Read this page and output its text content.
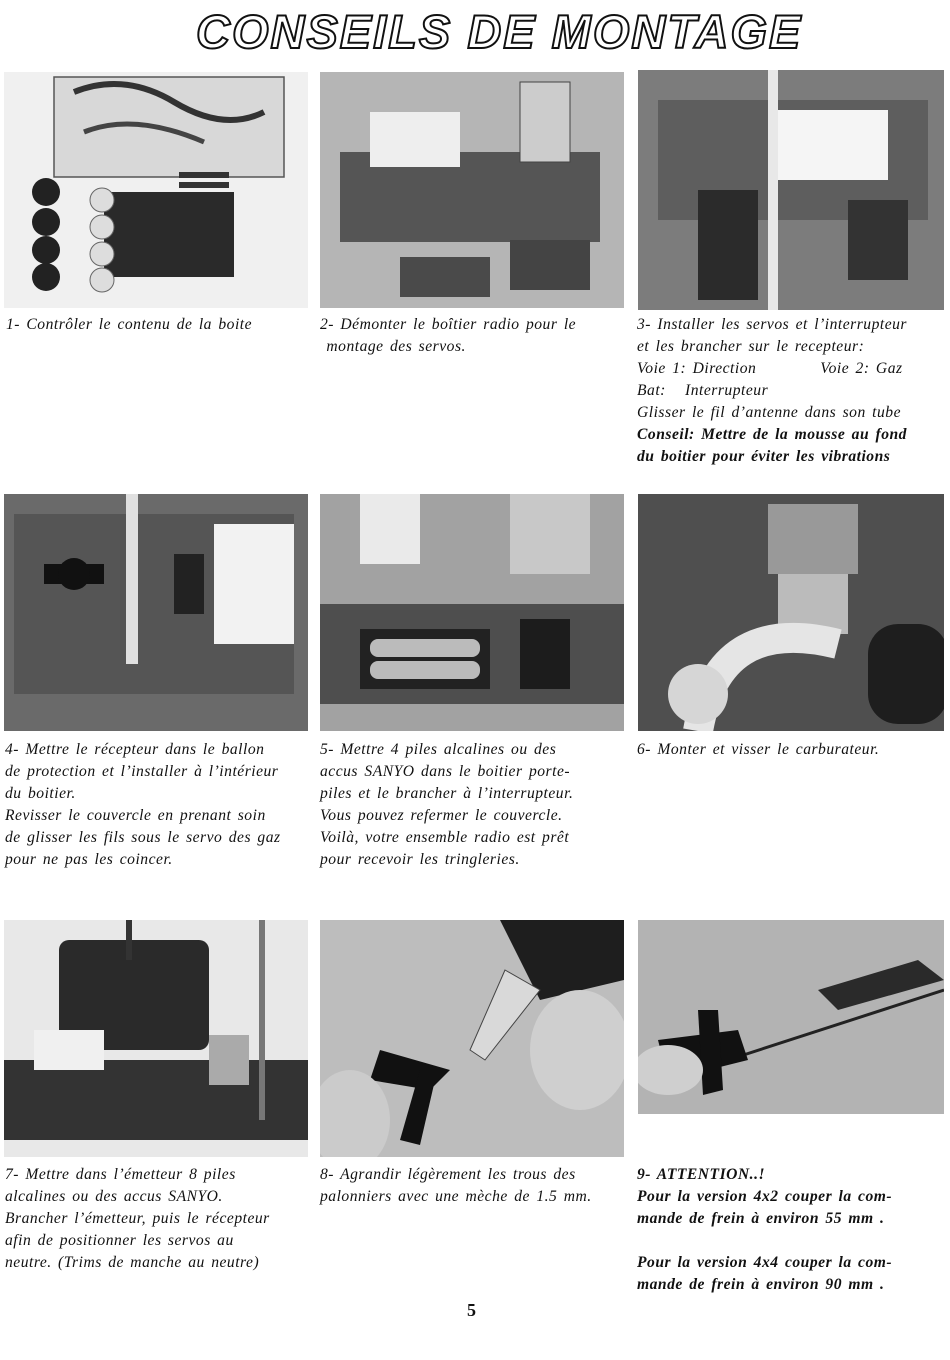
CONSEILS DE MONTAGE
1- Contrôler le contenu de la boite	2- Démonter le boîtier radio pour le
montage des servos.
3- Installer les servos et l’interrupteur
et les brancher sur le recepteur:
Voie 1: Direction          Voie 2: Gaz
Bat:   Interrupteur
Glisser le fil d’antenne dans son tube
Conseil: Mettre de la mousse au fond
du boitier pour éviter les vibrations
4- Mettre le récepteur dans le ballon
de protection et l’installer à l’intérieur
du boitier.
Revisser le couvercle en prenant soin
de glisser les fils sous le servo des gaz
pour ne pas les coincer.
5- Mettre 4 piles alcalines ou des
accus SANYO dans le boitier porte-
piles et le brancher à l’interrupteur.
Vous pouvez refermer le couvercle.
Voilà, votre ensemble radio est prêt
pour recevoir les tringleries.
6- Monter et visser le carburateur.
7- Mettre dans l’émetteur 8 piles
alcalines ou des accus SANYO.
Brancher l’émetteur, puis le récepteur
afin de positionner les servos au
neutre. (Trims de manche au neutre)
8- Agrandir légèrement les trous des
palonniers avec une mèche de 1.5 mm.
9- ATTENTION..!
Pour la version 4x2 couper la com-
mande de frein à environ 55 mm .
Pour la version 4x4 couper la com-
mande de frein à environ 90 mm .
5
